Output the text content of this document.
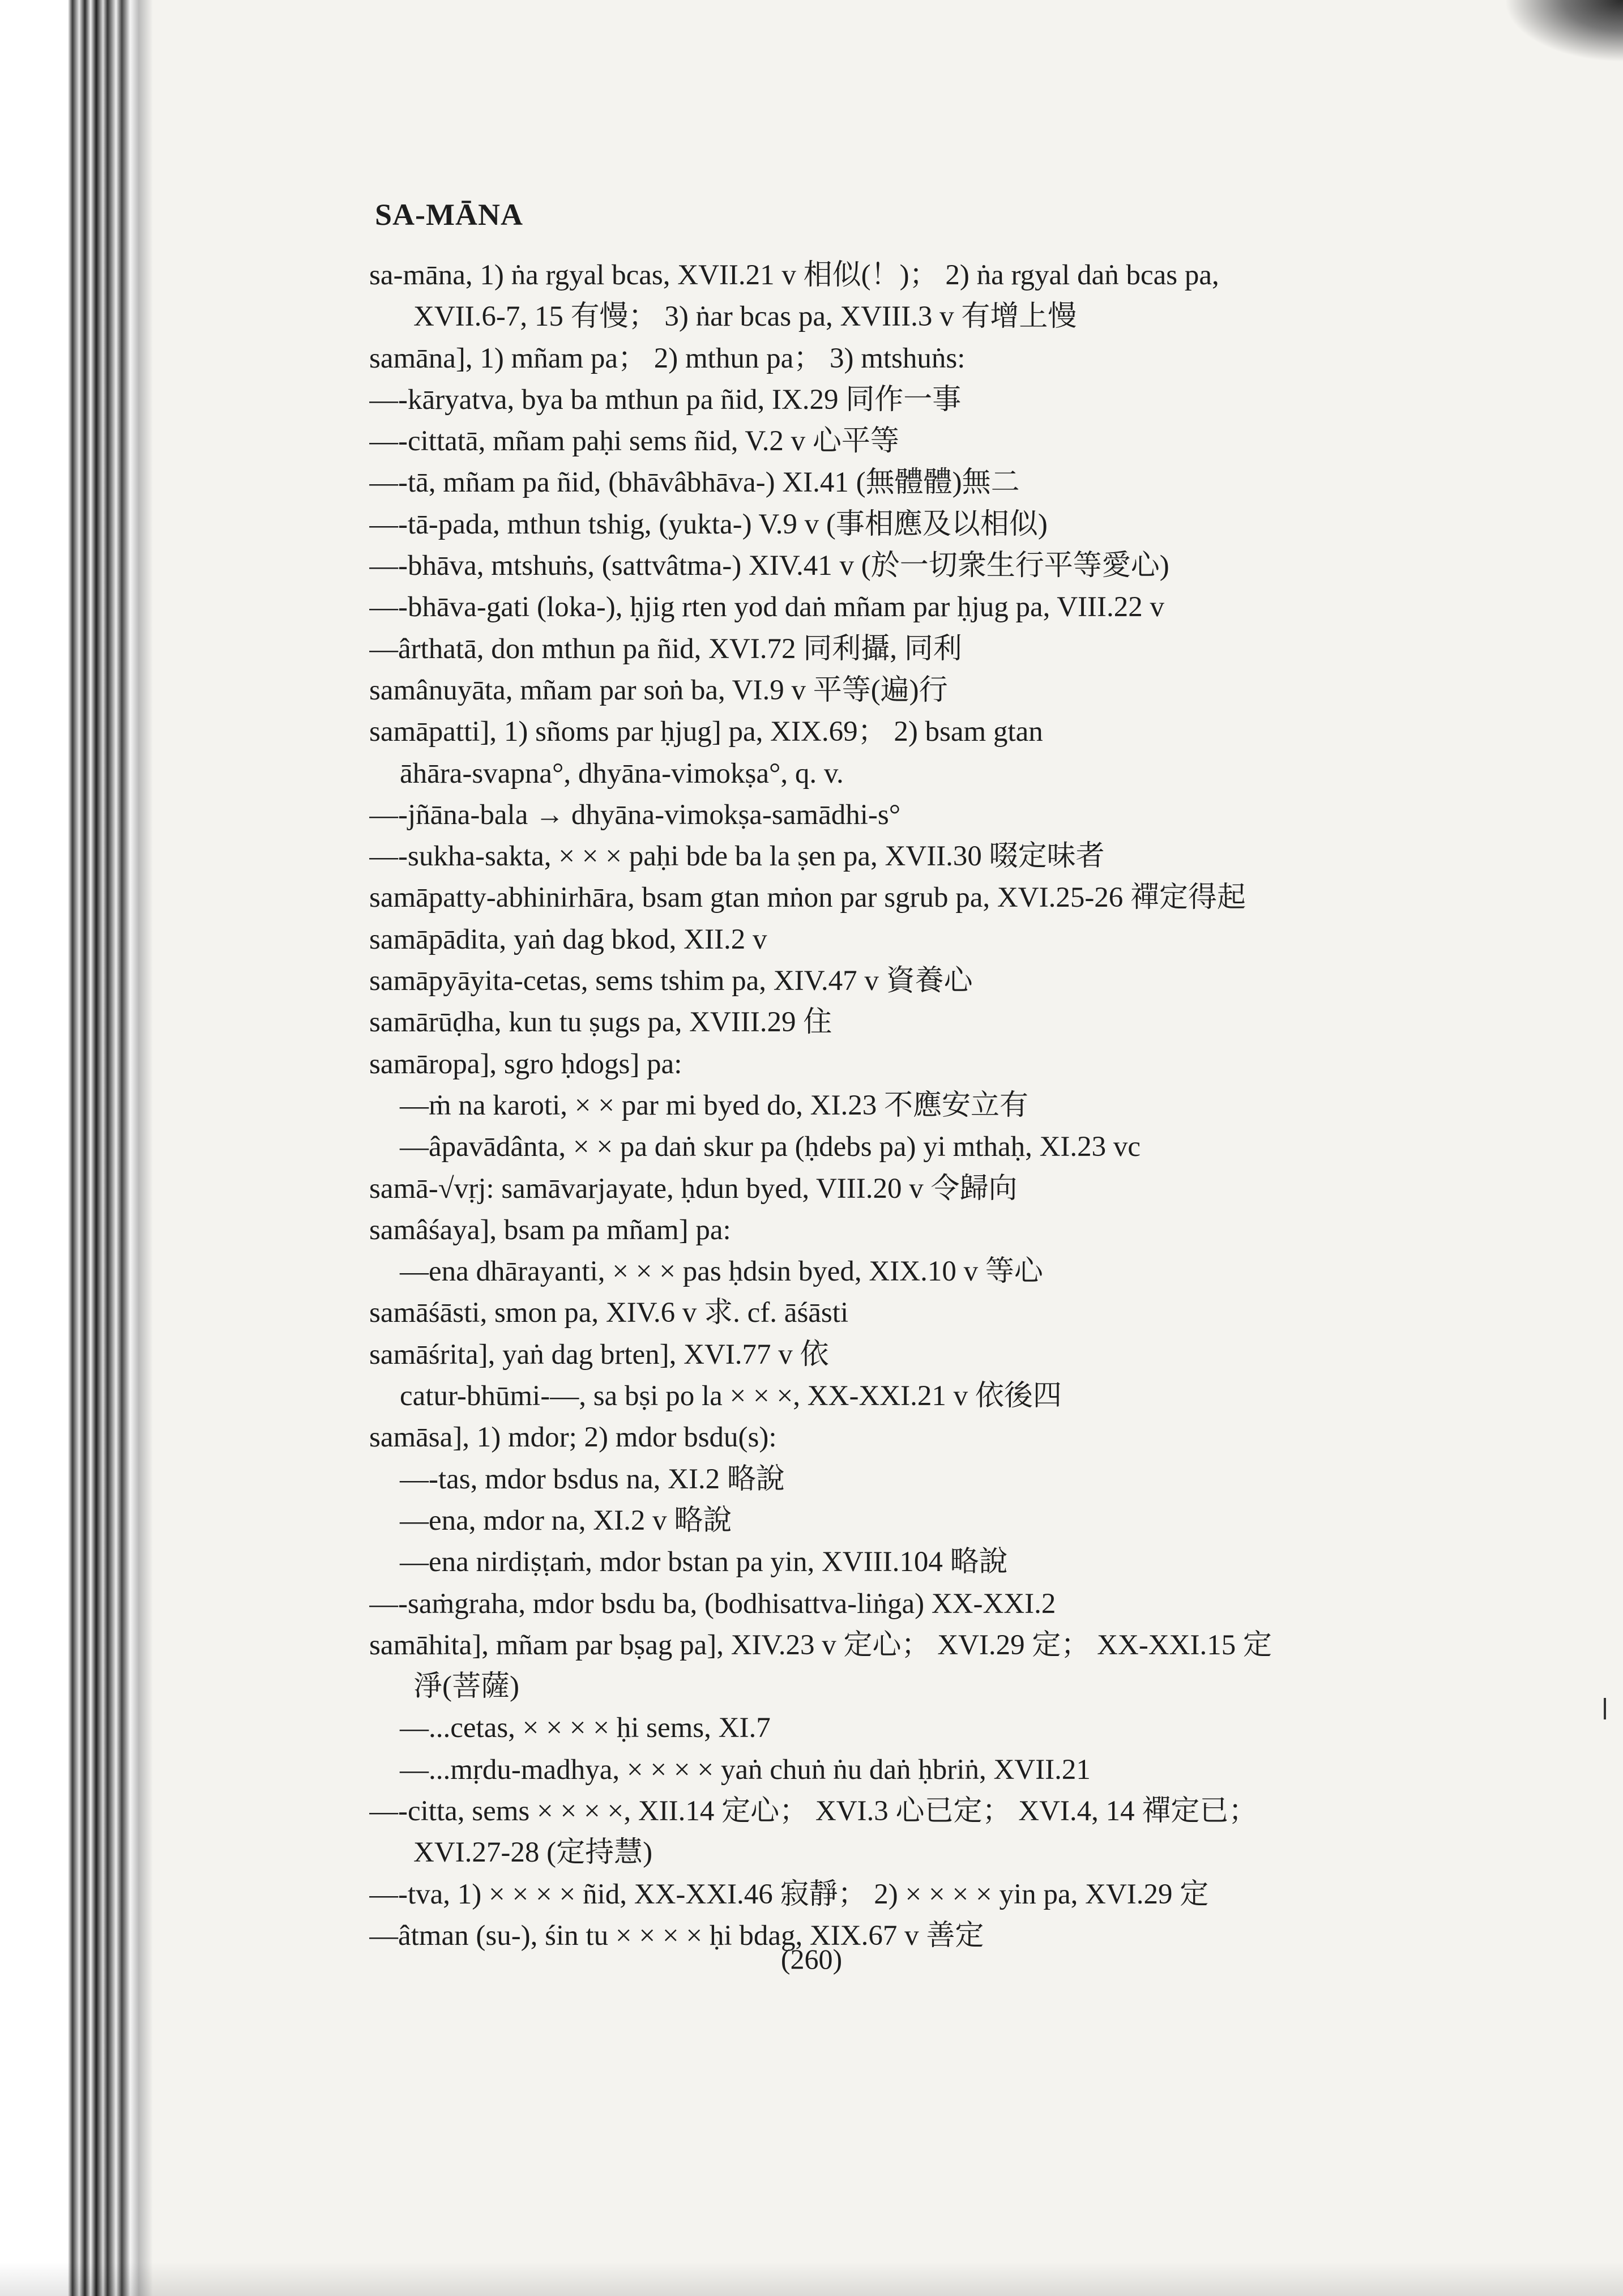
SA-MĀNA
sa-māna, 1) ṅa rgyal bcas, XVII.21 v 相似(！)； 2) ṅa rgyal daṅ bcas pa,
XVII.6-7, 15 有慢； 3) ṅar bcas pa, XVIII.3 v 有增上慢
samāna], 1) mñam pa； 2) mthun pa； 3) mtshuṅs:
—-kāryatva, bya ba mthun pa ñid, IX.29 同作一事
—-cittatā, mñam paḥi sems ñid, V.2 v 心平等
—-tā, mñam pa ñid, (bhāvâbhāva-) XI.41 (無體體)無二
—-tā-pada, mthun tshig, (yukta-) V.9 v (事相應及以相似)
—-bhāva, mtshuṅs, (sattvâtma-) XIV.41 v (於一切衆生行平等愛心)
—-bhāva-gati (loka-), ḥjig rten yod daṅ mñam par ḥjug pa, VIII.22 v
—ârthatā, don mthun pa ñid, XVI.72 同利攝, 同利
samânuyāta, mñam par soṅ ba, VI.9 v 平等(遍)行
samāpatti], 1) sñoms par ḥjug] pa, XIX.69； 2) bsam gtan
āhāra-svapna°, dhyāna-vimokṣa°, q. v.
—-jñāna-bala → dhyāna-vimokṣa-samādhi-s°
—-sukha-sakta, × × × paḥi bde ba la ṣen pa, XVII.30 啜定味者
samāpatty-abhinirhāra, bsam gtan mṅon par sgrub pa, XVI.25-26 禪定得起
samāpādita, yaṅ dag bkod, XII.2 v
samāpyāyita-cetas, sems tshim pa, XIV.47 v 資養心
samārūḍha, kun tu ṣugs pa, XVIII.29 住
samāropa], sgro ḥdogs] pa:
—ṁ na karoti, × × par mi byed do, XI.23 不應安立有
—âpavādânta, × × pa daṅ skur pa (ḥdebs pa) yi mthaḥ, XI.23 vc
samā-√vṛj: samāvarjayate, ḥdun byed, VIII.20 v 令歸向
samâśaya], bsam pa mñam] pa:
—ena dhārayanti, × × × pas ḥdsin byed, XIX.10 v 等心
samāśāsti, smon pa, XIV.6 v 求. cf. āśāsti
samāśrita], yaṅ dag brten], XVI.77 v 依
catur-bhūmi-—, sa bṣi po la × × ×, XX-XXI.21 v 依後四
samāsa], 1) mdor; 2) mdor bsdu(s):
—-tas, mdor bsdus na, XI.2 略說
—ena, mdor na, XI.2 v 略說
—ena nirdiṣṭaṁ, mdor bstan pa yin, XVIII.104 略說
—-saṁgraha, mdor bsdu ba, (bodhisattva-liṅga) XX-XXI.2
samāhita], mñam par bṣag pa], XIV.23 v 定心； XVI.29 定； XX-XXI.15 定
淨(菩薩)
—...cetas, × × × × ḥi sems, XI.7
—...mṛdu-madhya, × × × × yaṅ chuṅ ṅu daṅ ḥbriṅ, XVII.21
—-citta, sems × × × ×, XII.14 定心； XVI.3 心已定； XVI.4, 14 禪定已；
XVI.27-28 (定持慧)
—-tva, 1) × × × × ñid, XX-XXI.46 寂靜； 2) × × × × yin pa, XVI.29 定
—âtman (su-), śin tu × × × × ḥi bdag, XIX.67 v 善定
(260)
